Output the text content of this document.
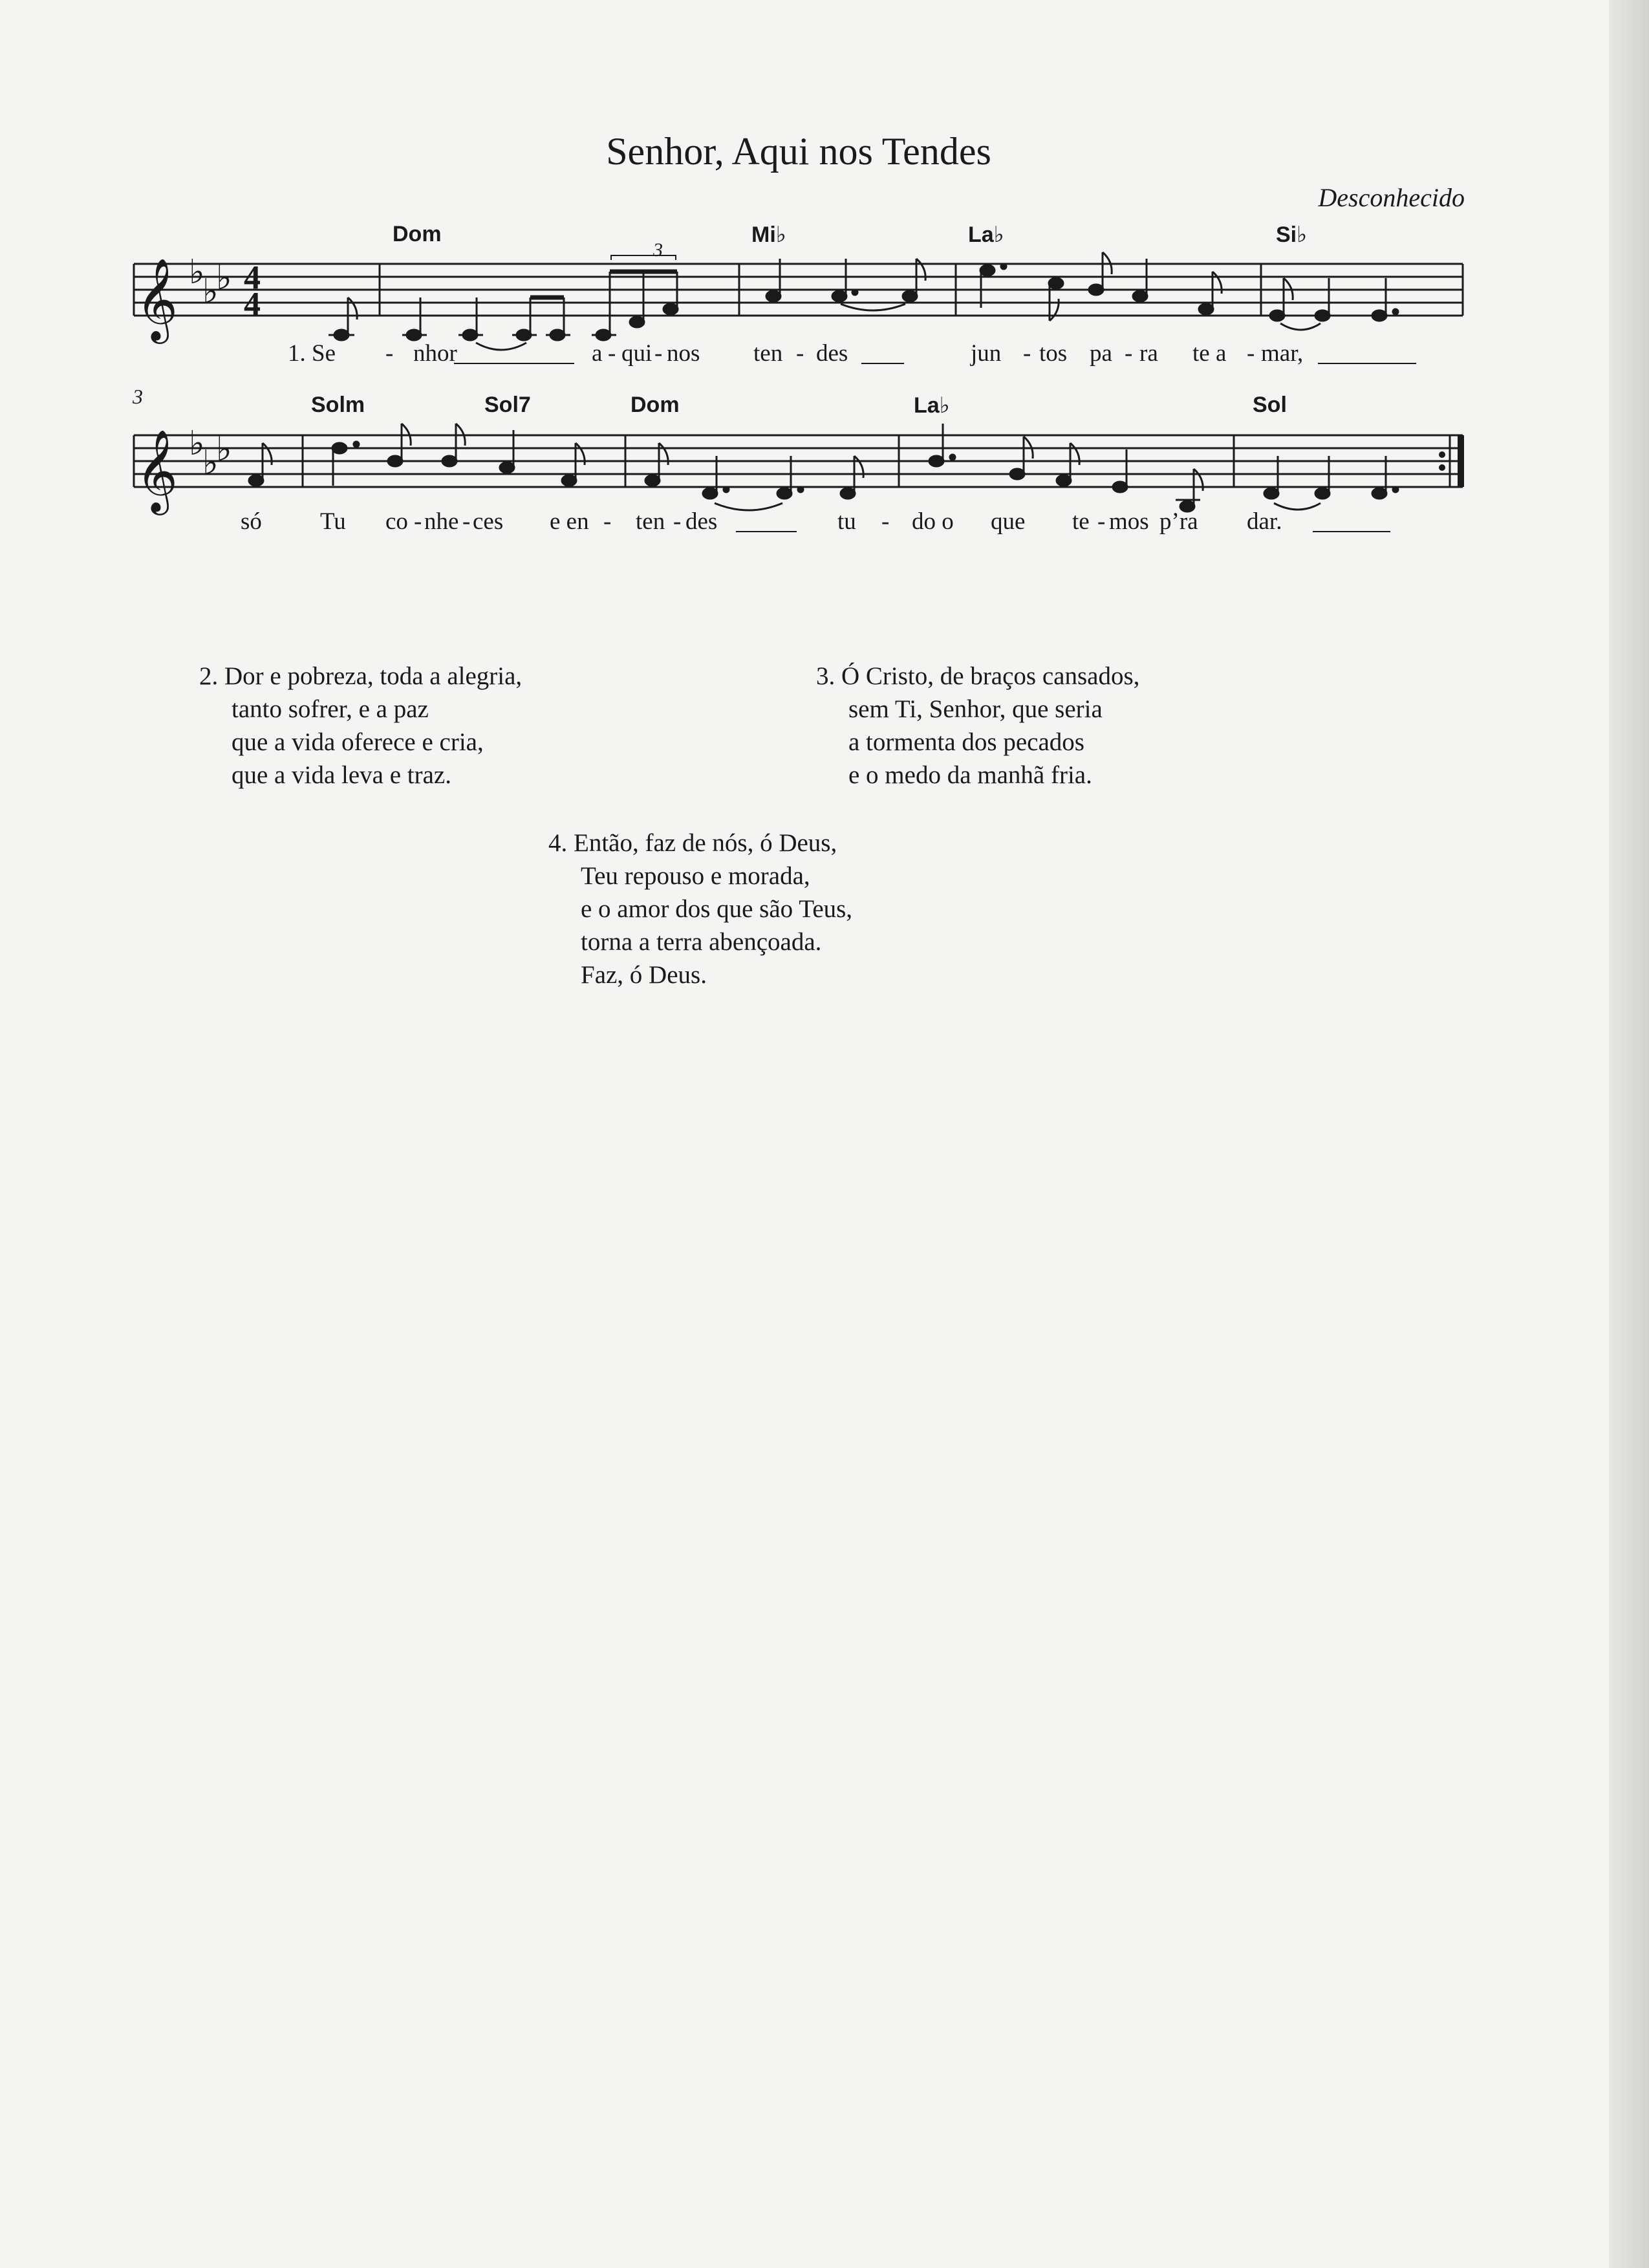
Senhor, Aqui nos Tendes
Desconhecido
𝄞
𝄞
♭
♭
♭
♭
♭
♭
4
4
3
3
Dom	Mi♭	La♭	Si♭
Solm	Sol7	Dom	La♭	Sol
1. Se - nhor	a - qui - nos ten - des	jun - tos pa - ra te a - mar,
só Tu co - nhe - ces e en - ten - des	tu - do o que te - mos p’ra dar.
2. Dor e pobreza, toda a alegria,
tanto sofrer, e a paz
que a vida oferece e cria,
que a vida leva e traz.
3. Ó Cristo, de braços cansados,
sem Ti, Senhor, que seria
a tormenta dos pecados
e o medo da manhã fria.
4. Então, faz de nós, ó Deus,
Teu repouso e morada,
e o amor dos que são Teus,
torna a terra abençoada.
Faz, ó Deus.
